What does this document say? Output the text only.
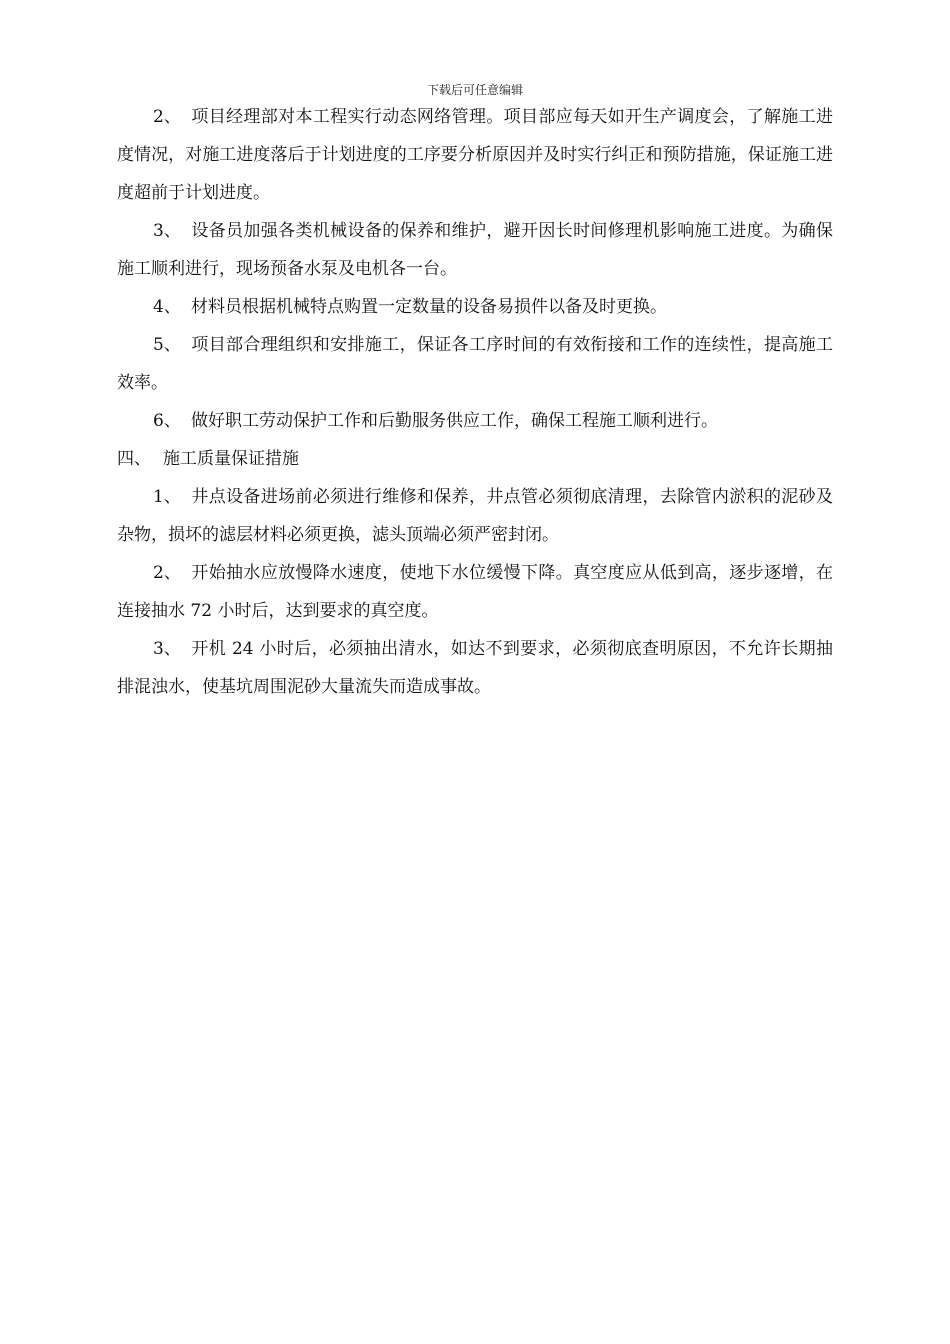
下载后可任意编辑

2、 项目经理部对本工程实行动态网络管理。项目部应每天如开生产调度会，了解施工进度情况，对施工进度落后于计划进度的工序要分析原因并及时实行纠正和预防措施，保证施工进度超前于计划进度。

3、 设备员加强各类机械设备的保养和维护，避开因长时间修理机影响施工进度。为确保施工顺利进行，现场预备水泵及电机各一台。

4、 材料员根据机械特点购置一定数量的设备易损件以备及时更换。

5、 项目部合理组织和安排施工，保证各工序时间的有效衔接和工作的连续性，提高施工效率。

6、 做好职工劳动保护工作和后勤服务供应工作，确保工程施工顺利进行。

四、 施工质量保证措施

1、 井点设备进场前必须进行维修和保养，井点管必须彻底清理，去除管内淤积的泥砂及杂物，损坏的滤层材料必须更换，滤头顶端必须严密封闭。

2、 开始抽水应放慢降水速度，使地下水位缓慢下降。真空度应从低到高，逐步逐增，在连接抽水 72 小时后，达到要求的真空度。

3、 开机 24 小时后，必须抽出清水，如达不到要求，必须彻底查明原因，不允许长期抽排混浊水，使基坑周围泥砂大量流失而造成事故。
